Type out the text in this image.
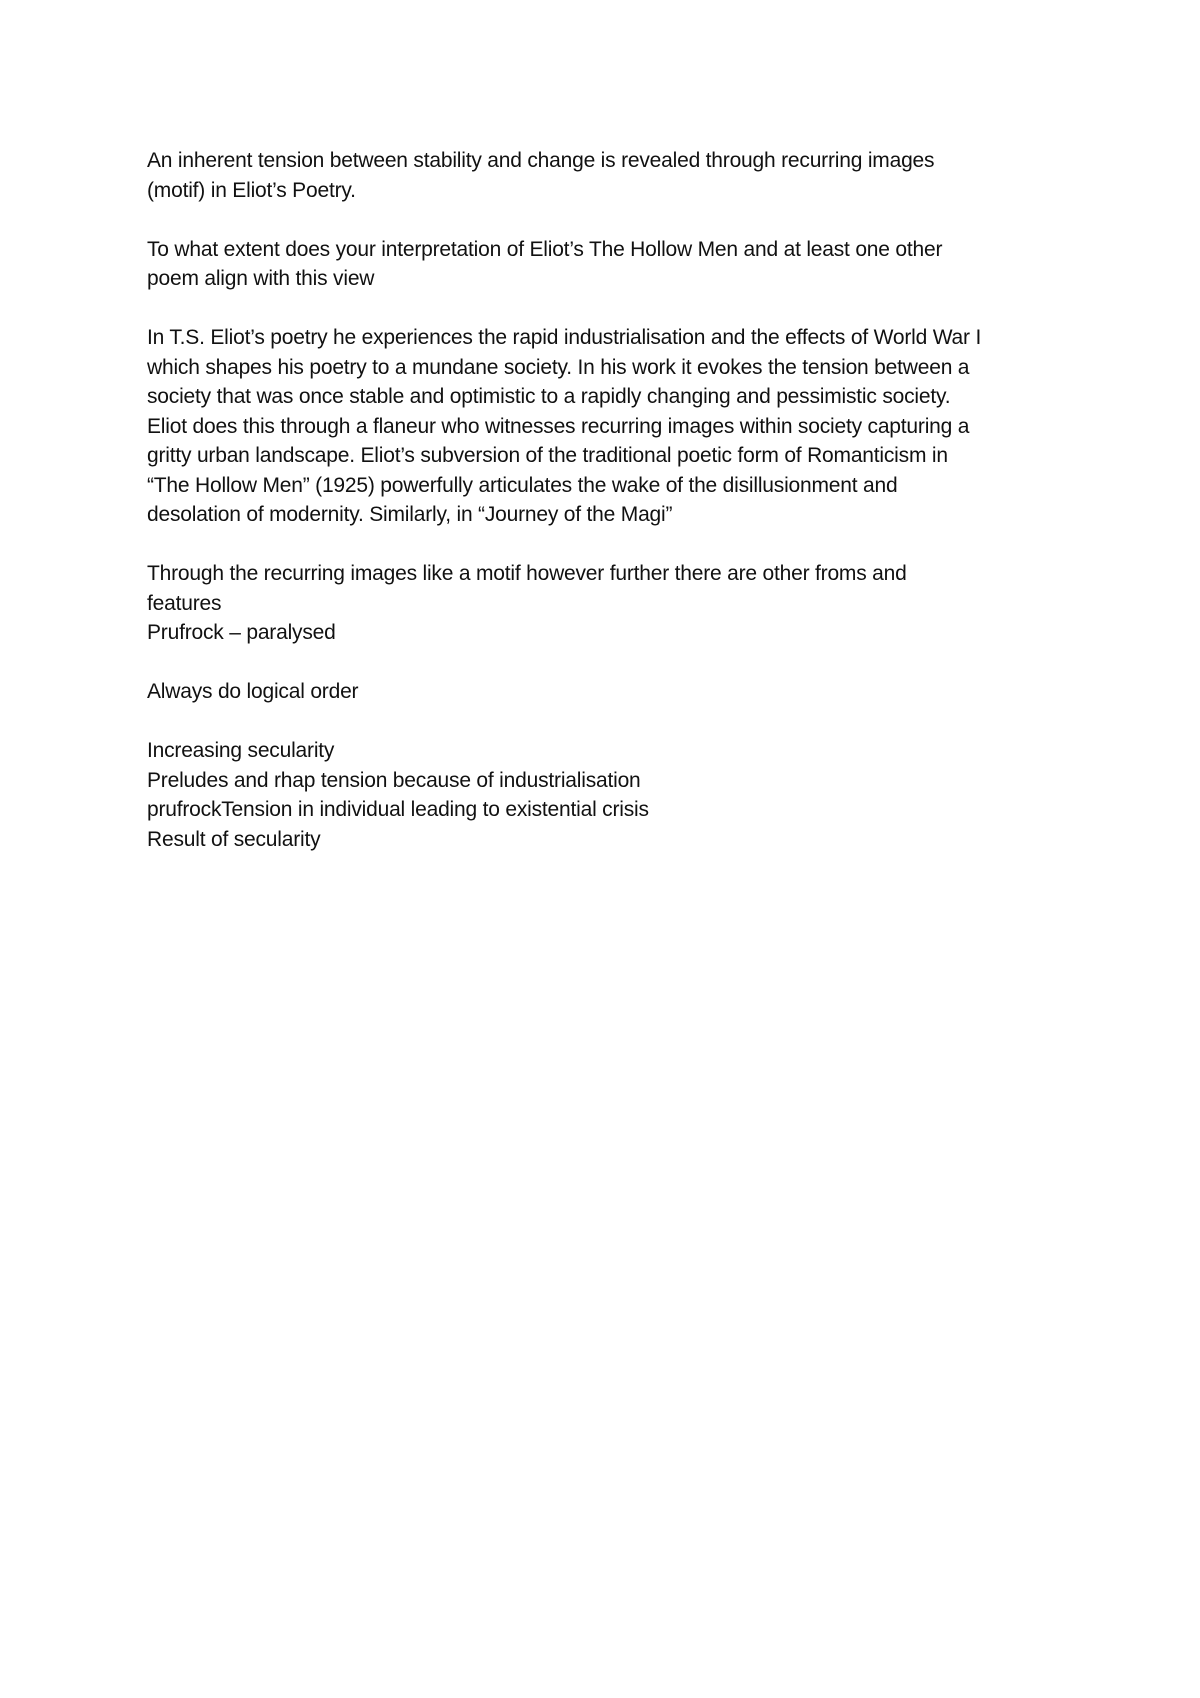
An inherent tension between stability and change is revealed through recurring images
(motif) in Eliot’s Poetry.

To what extent does your interpretation of Eliot’s The Hollow Men and at least one other
poem align with this view

In T.S. Eliot’s poetry he experiences the rapid industrialisation and the effects of World War I
which shapes his poetry to a mundane society. In his work it evokes the tension between a
society that was once stable and optimistic to a rapidly changing and pessimistic society.
Eliot does this through a flaneur who witnesses recurring images within society capturing a
gritty urban landscape. Eliot’s subversion of the traditional poetic form of Romanticism in
“The Hollow Men” (1925) powerfully articulates the wake of the disillusionment and
desolation of modernity. Similarly, in “Journey of the Magi”

Through the recurring images like a motif however further there are other froms and
features
Prufrock – paralysed

Always do logical order

Increasing secularity
Preludes and rhap tension because of industrialisation
prufrockTension in individual leading to existential crisis
Result of secularity
